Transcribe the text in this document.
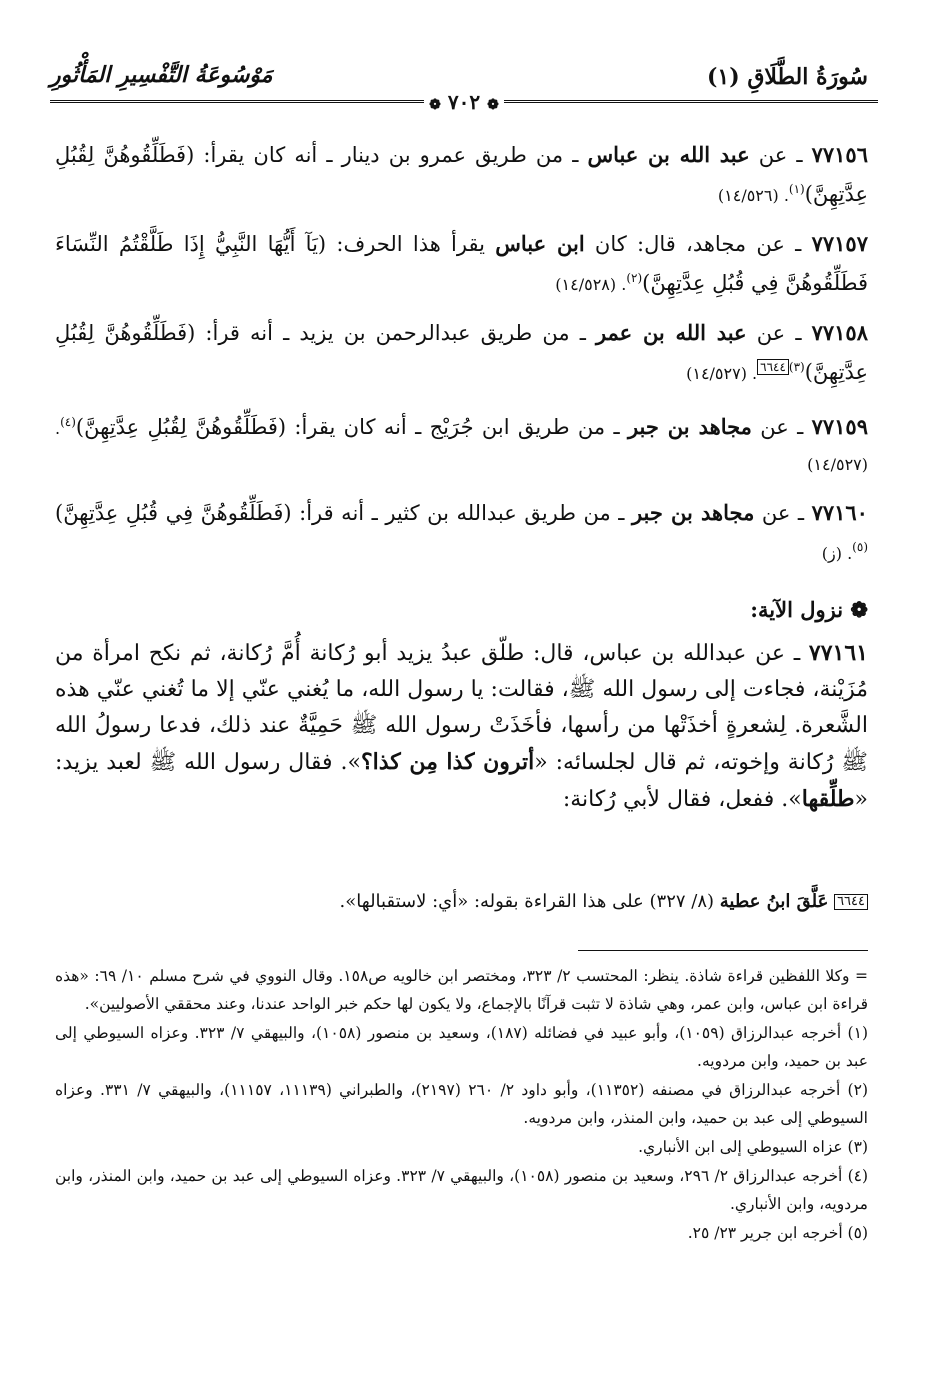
سُورَةُ الطَّلَاقِ (١)
مَوْسُوعَةُ التَّفْسِيرِ المَأْثُورِ
❁ ٧٠٢ ❁

٧٧١٥٦ ـ عن عبد الله بن عباس ـ من طريق عمرو بن دينار ـ أنه كان يقرأ: (فَطَلِّقُوهُنَّ لِقُبُلِ عِدَّتِهِنَّ)$^{(١)}$. (١٤/٥٢٦)

٧٧١٥٧ ـ عن مجاهد، قال: كان ابن عباس يقرأ هذا الحرف: (يَآ أَيُّهَا النَّبِيُّ إِذَا طَلَّقْتُمُ النِّسَاءَ فَطَلِّقُوهُنَّ فِي قُبُلِ عِدَّتِهِنَّ)$^{(٢)}$. (١٤/٥٢٨)

٧٧١٥٨ ـ عن عبد الله بن عمر ـ من طريق عبدالرحمن بن يزيد ـ أنه قرأ: (فَطَلِّقُوهُنَّ لِقُبُلِ عِدَّتِهِنَّ)$^{(٣)}$٦٦٤٤. (١٤/٥٢٧)

٧٧١٥٩ ـ عن مجاهد بن جبر ـ من طريق ابن جُرَيْج ـ أنه كان يقرأ: (فَطَلِّقُوهُنَّ لِقُبُلِ عِدَّتِهِنَّ)$^{(٤)}$. (١٤/٥٢٧)

٧٧١٦٠ ـ عن مجاهد بن جبر ـ من طريق عبدالله بن كثير ـ أنه قرأ: (فَطَلِّقُوهُنَّ فِي قُبُلِ عِدَّتِهِنَّ)$^{(٥)}$. (ز)

❁ نزول الآية:

٧٧١٦١ ـ عن عبدالله بن عباس، قال: طلّق عبدُ يزيد أبو رُكانة أُمَّ رُكانة، ثم نكح امرأة من مُزَيْنة، فجاءت إلى رسول الله ﷺ، فقالت: يا رسول الله، ما يُغني عنّي إلا ما تُغني عنّي هذه الشَّعرة. لِشعرةٍ أخذَتْها من رأسها، فأخَذَتْ رسول الله ﷺ حَمِيَّةٌ عند ذلك، فدعا رسولُ الله ﷺ رُكانة وإخوته، ثم قال لجلسائه: «أترون كذا مِن كذا؟». فقال رسول الله ﷺ لعبد يزيد: «طلِّقها». ففعل، فقال لأبي رُكانة:

٦٦٤٤ عَلَّقَ ابنُ عطية (٨/ ٣٢٧) على هذا القراءة بقوله: «أي: لاستقبالها».

= وكلا اللفظين قراءة شاذة. ينظر: المحتسب ٢/ ٣٢٣، ومختصر ابن خالويه ص١٥٨. وقال النووي في شرح مسلم ١٠/ ٦٩: «هذه قراءة ابن عباس، وابن عمر، وهي شاذة لا تثبت قرآنًا بالإجماع، ولا يكون لها حكم خبر الواحد عندنا، وعند محققي الأصوليين».

(١) أخرجه عبدالرزاق (١٠٥٩)، وأبو عبيد في فضائله (١٨٧)، وسعيد بن منصور (١٠٥٨)، والبيهقي ٧/ ٣٢٣. وعزاه السيوطي إلى عبد بن حميد، وابن مردويه.

(٢) أخرجه عبدالرزاق في مصنفه (١١٣٥٢)، وأبو داود ٢/ ٢٦٠ (٢١٩٧)، والطبراني (١١١٣٩، ١١١٥٧)، والبيهقي ٧/ ٣٣١. وعزاه السيوطي إلى عبد بن حميد، وابن المنذر، وابن مردويه.

(٣) عزاه السيوطي إلى ابن الأنباري.

(٤) أخرجه عبدالرزاق ٢/ ٢٩٦، وسعيد بن منصور (١٠٥٨)، والبيهقي ٧/ ٣٢٣. وعزاه السيوطي إلى عبد بن حميد، وابن المنذر، وابن مردويه، وابن الأنباري.

(٥) أخرجه ابن جرير ٢٣/ ٢٥.
